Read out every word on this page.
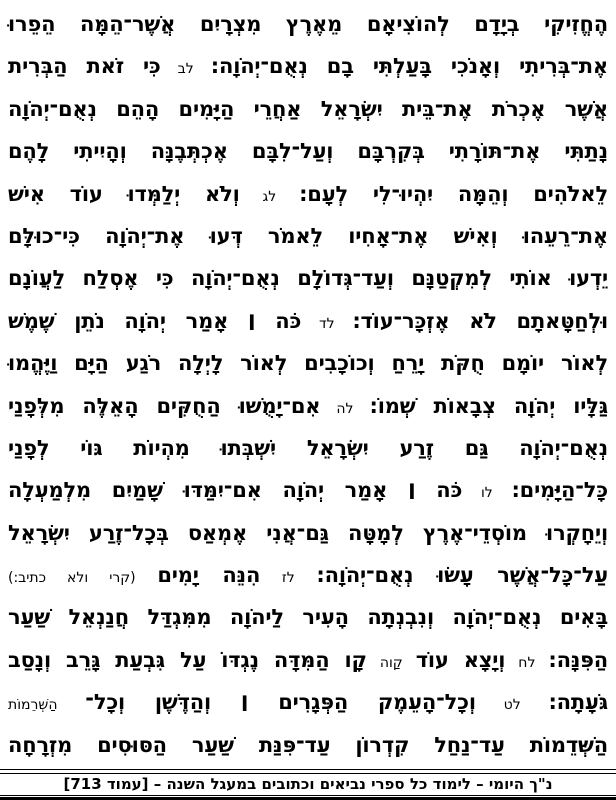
הֶחֱזִיקִי בְיָדָם לְהוֹצִיאָם מֵאֶרֶץ מִצְרָיִם אֲשֶׁר־הֵמָּה הֵפֵרוּ
אֶת־בְּרִיתִי וְאָנֹכִי בָּעַלְתִּי בָם נְאֻם־יְהֹוָה: לב כִּי זֹאת הַבְּרִית
אֲשֶׁר אֶכְרֹת אֶת־בֵּית יִשְׂרָאֵל אַחֲרֵי הַיָּמִים הָהֵם נְאֻם־יְהֹוָה
נָתַתִּי אֶת־תּוֹרָתִי בְּקִרְבָּם וְעַל־לִבָּם אֶכְתְּבֶנָּה וְהָיִיתִי לָהֶם
לֵאלֹהִים וְהֵמָּה יִהְיוּ־לִי לְעָם: לג וְלֹא יְלַמְּדוּ עוֹד אִישׁ
אֶת־רֵעֵהוּ וְאִישׁ אֶת־אָחִיו לֵאמֹר דְּעוּ אֶת־יְהֹוָה כִּי־כוּלָּם
יֵדְעוּ אוֹתִי לְמִקְטַנָּם וְעַד־גְּדוֹלָם נְאֻם־יְהֹוָה כִּי אֶסְלַח לַעֲוֹנָם
וּלְחַטָּאתָם לֹא אֶזְכָּר־עוֹד: לד כֹּה ׀ אָמַר יְהֹוָה נֹתֵן שֶׁמֶשׁ
לְאוֹר יוֹמָם חֻקֹּת יָרֵחַ וְכוֹכָבִים לְאוֹר לָיְלָה רֹגַע הַיָּם וַיֶּהֱמוּ
גַּלָּיו יְהֹוָה צְבָאוֹת שְׁמוֹ: לה אִם־יָמֻשׁוּ הַחֻקִּים הָאֵלֶּה מִלְּפָנַי
נְאֻם־יְהֹוָה גַּם זֶרַע יִשְׂרָאֵל יִשְׁבְּתוּ מִהְיוֹת גּוֹי לְפָנַי
כָּל־הַיָּמִים: לו כֹּה ׀ אָמַר יְהֹוָה אִם־יִמַּדּוּ שָׁמַיִם מִלְמַעְלָה
וְיֵחָקְרוּ מוֹסְדֵי־אֶרֶץ לְמָטָּה גַּם־אֲנִי אֶמְאַס בְּכָל־זֶרַע יִשְׂרָאֵל
עַל־כָּל־אֲשֶׁר עָשׂוּ נְאֻם־יְהֹוָה: לז הִנֵּה יָמִים (קרי ולא כתיב:)
בָּאִים נְאֻם־יְהֹוָה וְנִבְנְתָה הָעִיר לַיהֹוָה מִמִּגְדַּל חֲנַנְאֵל שַׁעַר
הַפִּנָּה: לח וְיָצָא עוֹד קַוה קָו הַמִּדָּה נֶגְדּוֹ עַל גִּבְעַת גָּרֵב וְנָסַב
גֹּעָתָה: לט וְכָל־הָעֵמֶק הַפְּגָרִים ׀ וְהַדֶּשֶׁן וְכָל־ הַשְּׁרֵמוֹת
הַשְּׁדֵמוֹת עַד־נַחַל קִדְרוֹן עַד־פִּנַּת שַׁעַר הַסּוּסִים מִזְרָחָה
נ"ך היומי – לימוד כל ספרי נביאים וכתובים במעגל השנה – [עמוד 713]
